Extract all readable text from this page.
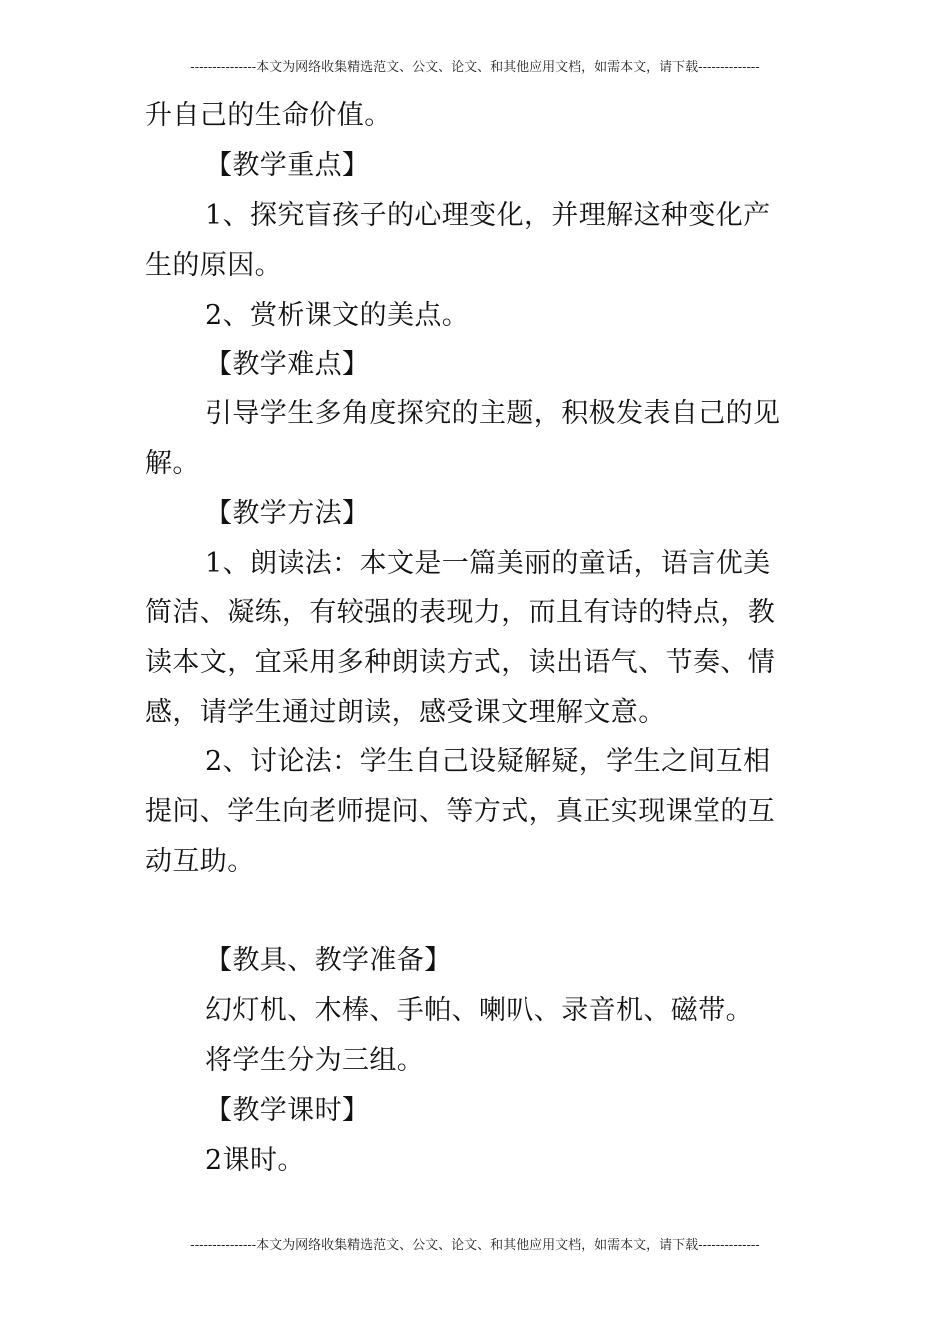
---------------本文为网络收集精选范文、公文、论文、和其他应用文档，如需本文，请下载--------------
升自己的生命价值。
【教学重点】
1、探究盲孩子的心理变化，并理解这种变化产
生的原因。
2、赏析课文的美点。
【教学难点】
引导学生多角度探究的主题，积极发表自己的见
解。
【教学方法】
1、朗读法：本文是一篇美丽的童话，语言优美
简洁、凝练，有较强的表现力，而且有诗的特点，教
读本文，宜采用多种朗读方式，读出语气、节奏、情
感，请学生通过朗读，感受课文理解文意。
2、讨论法：学生自己设疑解疑，学生之间互相
提问、学生向老师提问、等方式，真正实现课堂的互
动互助。
【教具、教学准备】
幻灯机、木棒、手帕、喇叭、录音机、磁带。
将学生分为三组。
【教学课时】
2课时。
---------------本文为网络收集精选范文、公文、论文、和其他应用文档，如需本文，请下载--------------
